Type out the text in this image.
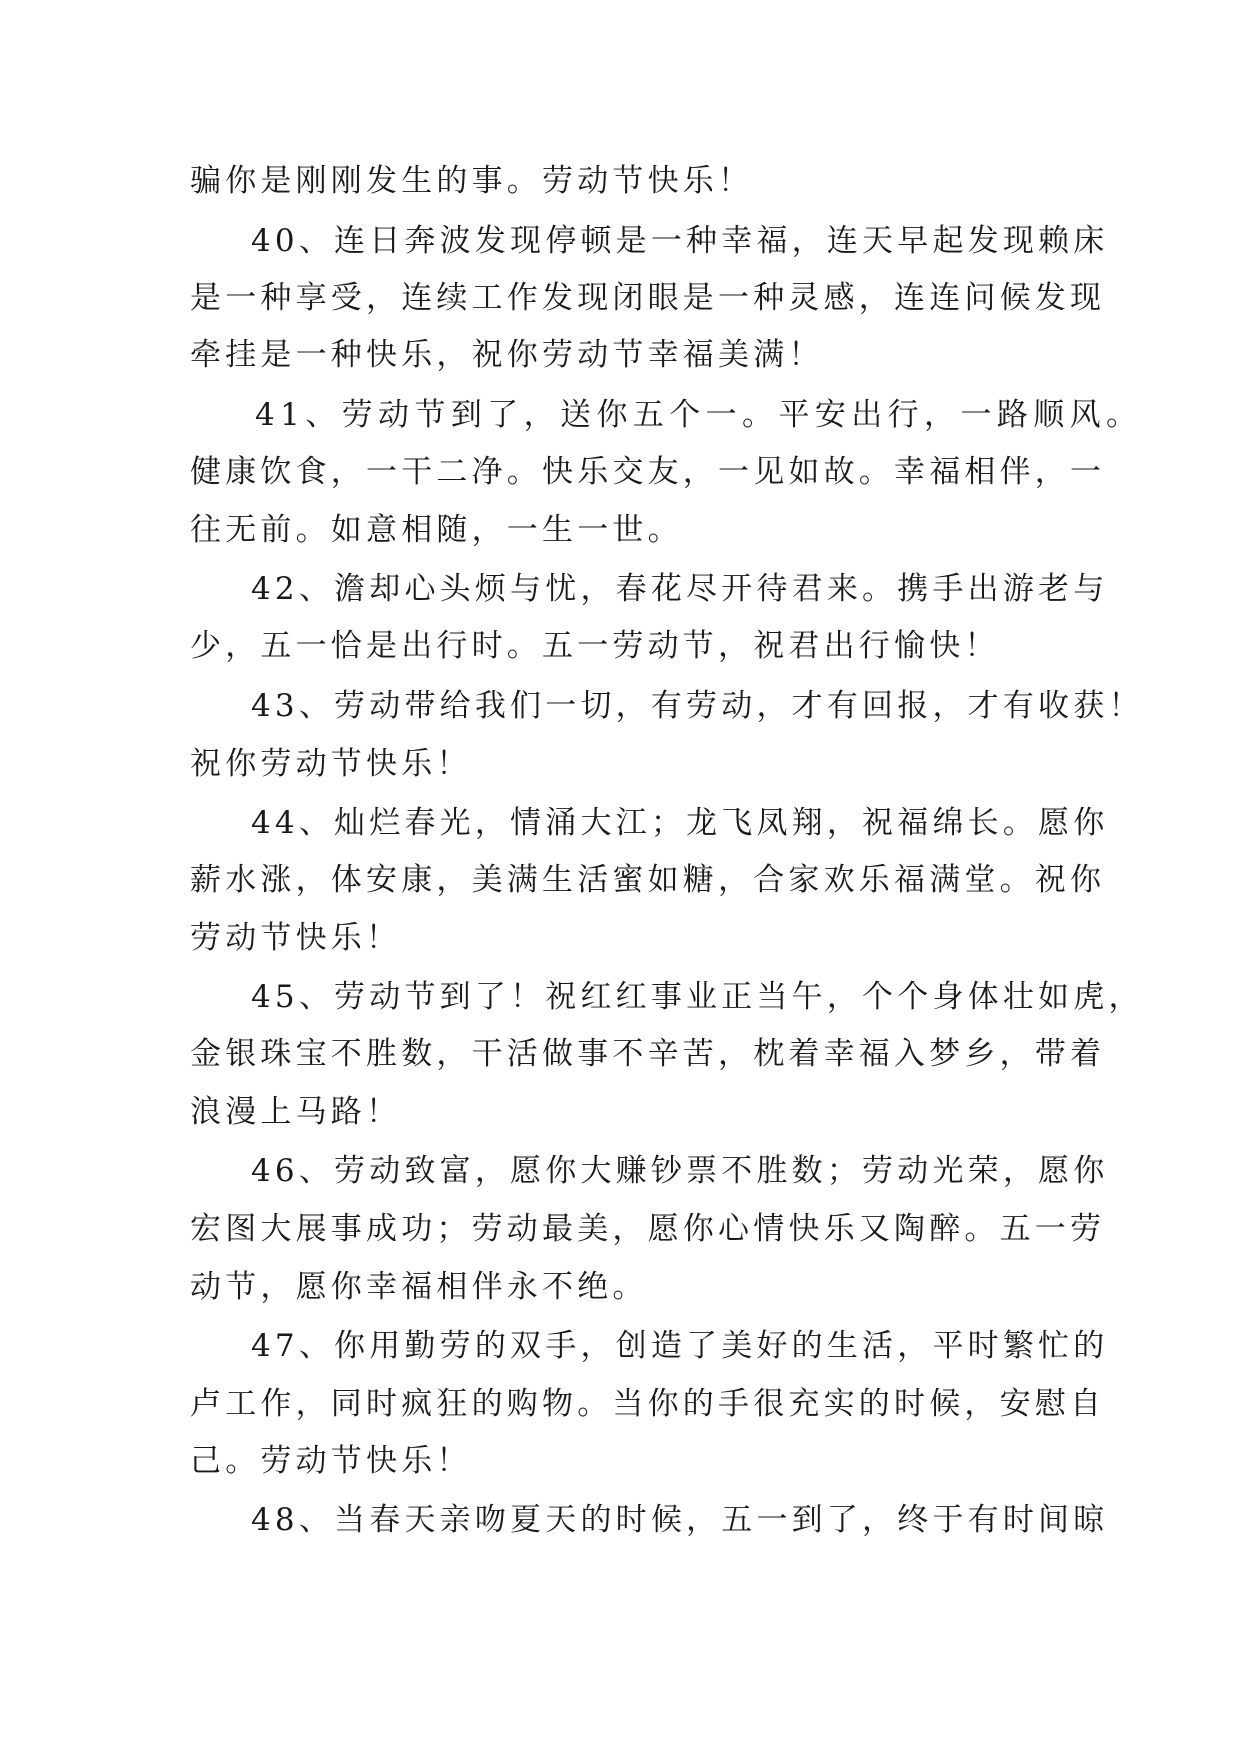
骗你是刚刚发生的事。劳动节快乐！
40、连日奔波发现停顿是一种幸福，连天早起发现赖床
是一种享受，连续工作发现闭眼是一种灵感，连连问候发现
牵挂是一种快乐，祝你劳动节幸福美满！
41、劳动节到了，送你五个一。平安出行，一路顺风。
健康饮食，一干二净。快乐交友，一见如故。幸福相伴，一
往无前。如意相随，一生一世。
42、澹却心头烦与忧，春花尽开待君来。携手出游老与
少，五一恰是出行时。五一劳动节，祝君出行愉快！
43、劳动带给我们一切，有劳动，才有回报，才有收获！
祝你劳动节快乐！
44、灿烂春光，情涌大江；龙飞凤翔，祝福绵长。愿你
薪水涨，体安康，美满生活蜜如糖，合家欢乐福满堂。祝你
劳动节快乐！
45、劳动节到了！祝红红事业正当午，个个身体壮如虎，
金银珠宝不胜数，干活做事不辛苦，枕着幸福入梦乡，带着
浪漫上马路！
46、劳动致富，愿你大赚钞票不胜数；劳动光荣，愿你
宏图大展事成功；劳动最美，愿你心情快乐又陶醉。五一劳
动节，愿你幸福相伴永不绝。
47、你用勤劳的双手，创造了美好的生活，平时繁忙的
卢工作，同时疯狂的购物。当你的手很充实的时候，安慰自
己。劳动节快乐！
48、当春天亲吻夏天的时候，五一到了，终于有时间晾
